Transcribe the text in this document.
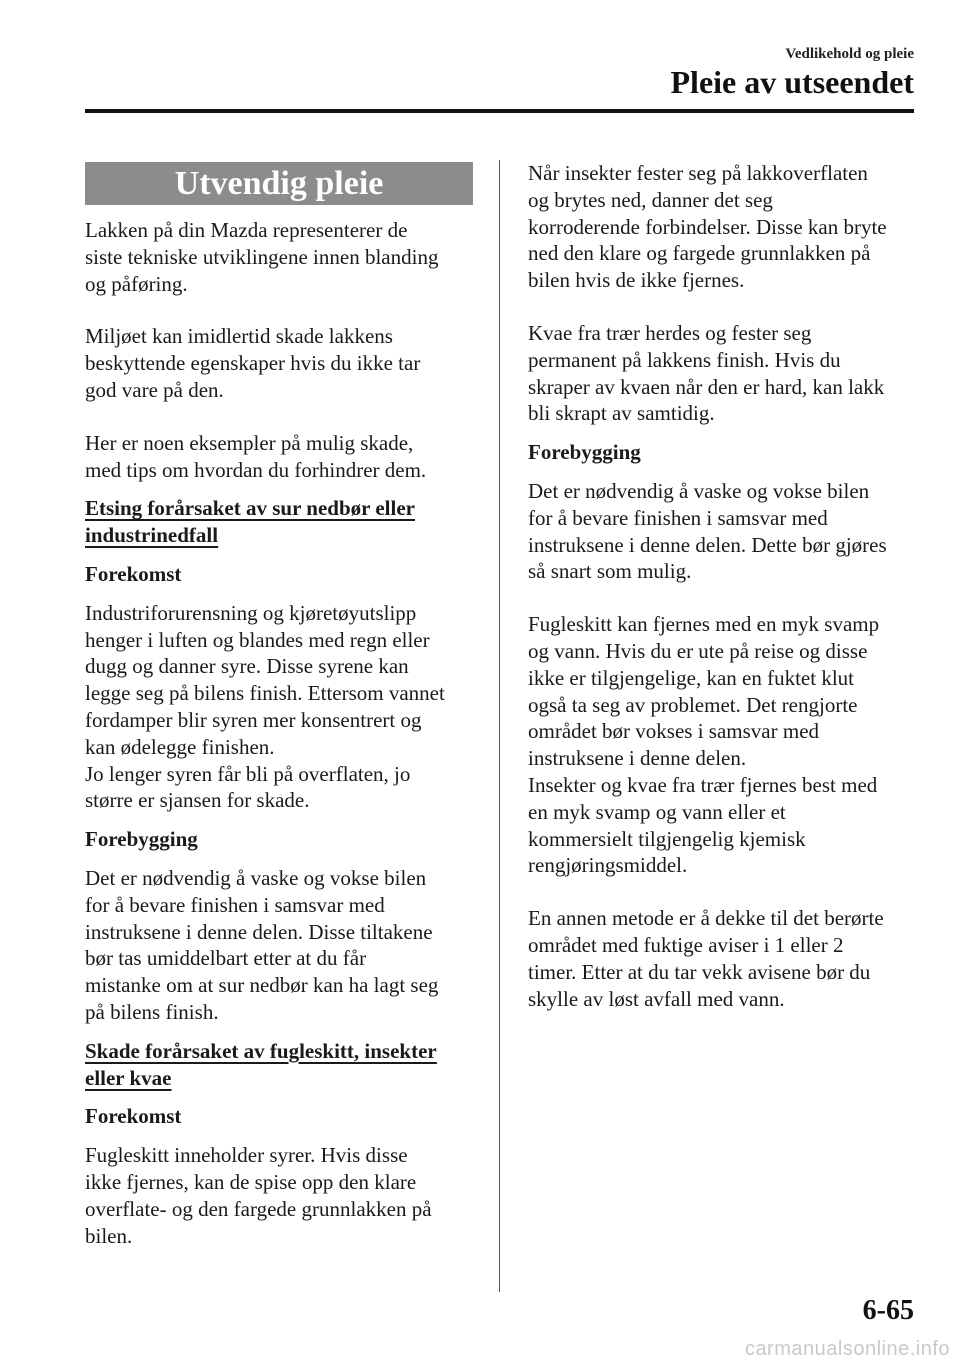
Vedlikehold og pleie
Pleie av utseendet
Utvendig pleie

Lakken på din Mazda representerer de
siste tekniske utviklingene innen blanding
og påføring.

Miljøet kan imidlertid skade lakkens
beskyttende egenskaper hvis du ikke tar
god vare på den.

Her er noen eksempler på mulig skade,
med tips om hvordan du forhindrer dem.

Etsing forårsaket av sur nedbør eller
industrinedfall
Forekomst

Industriforurensning og kjøretøyutslipp
henger i luften og blandes med regn eller
dugg og danner syre. Disse syrene kan
legge seg på bilens finish. Ettersom vannet
fordamper blir syren mer konsentrert og
kan ødelegge finishen.
Jo lenger syren får bli på overflaten, jo
større er sjansen for skade.

Forebygging

Det er nødvendig å vaske og vokse bilen
for å bevare finishen i samsvar med
instruksene i denne delen. Disse tiltakene
bør tas umiddelbart etter at du får
mistanke om at sur nedbør kan ha lagt seg
på bilens finish.

Skade forårsaket av fugleskitt, insekter
eller kvae
Forekomst

Fugleskitt inneholder syrer. Hvis disse
ikke fjernes, kan de spise opp den klare
overflate- og den fargede grunnlakken på
bilen.

Når insekter fester seg på lakkoverflaten
og brytes ned, danner det seg
korroderende forbindelser. Disse kan bryte
ned den klare og fargede grunnlakken på
bilen hvis de ikke fjernes.

Kvae fra trær herdes og fester seg
permanent på lakkens finish. Hvis du
skraper av kvaen når den er hard, kan lakk
bli skrapt av samtidig.

Forebygging

Det er nødvendig å vaske og vokse bilen
for å bevare finishen i samsvar med
instruksene i denne delen. Dette bør gjøres
så snart som mulig.

Fugleskitt kan fjernes med en myk svamp
og vann. Hvis du er ute på reise og disse
ikke er tilgjengelige, kan en fuktet klut
også ta seg av problemet. Det rengjorte
området bør vokses i samsvar med
instruksene i denne delen.
Insekter og kvae fra trær fjernes best med
en myk svamp og vann eller et
kommersielt tilgjengelig kjemisk
rengjøringsmiddel.

En annen metode er å dekke til det berørte
området med fuktige aviser i 1 eller 2
timer. Etter at du tar vekk avisene bør du
skylle av løst avfall med vann.

6-65
carmanualsonline.info
